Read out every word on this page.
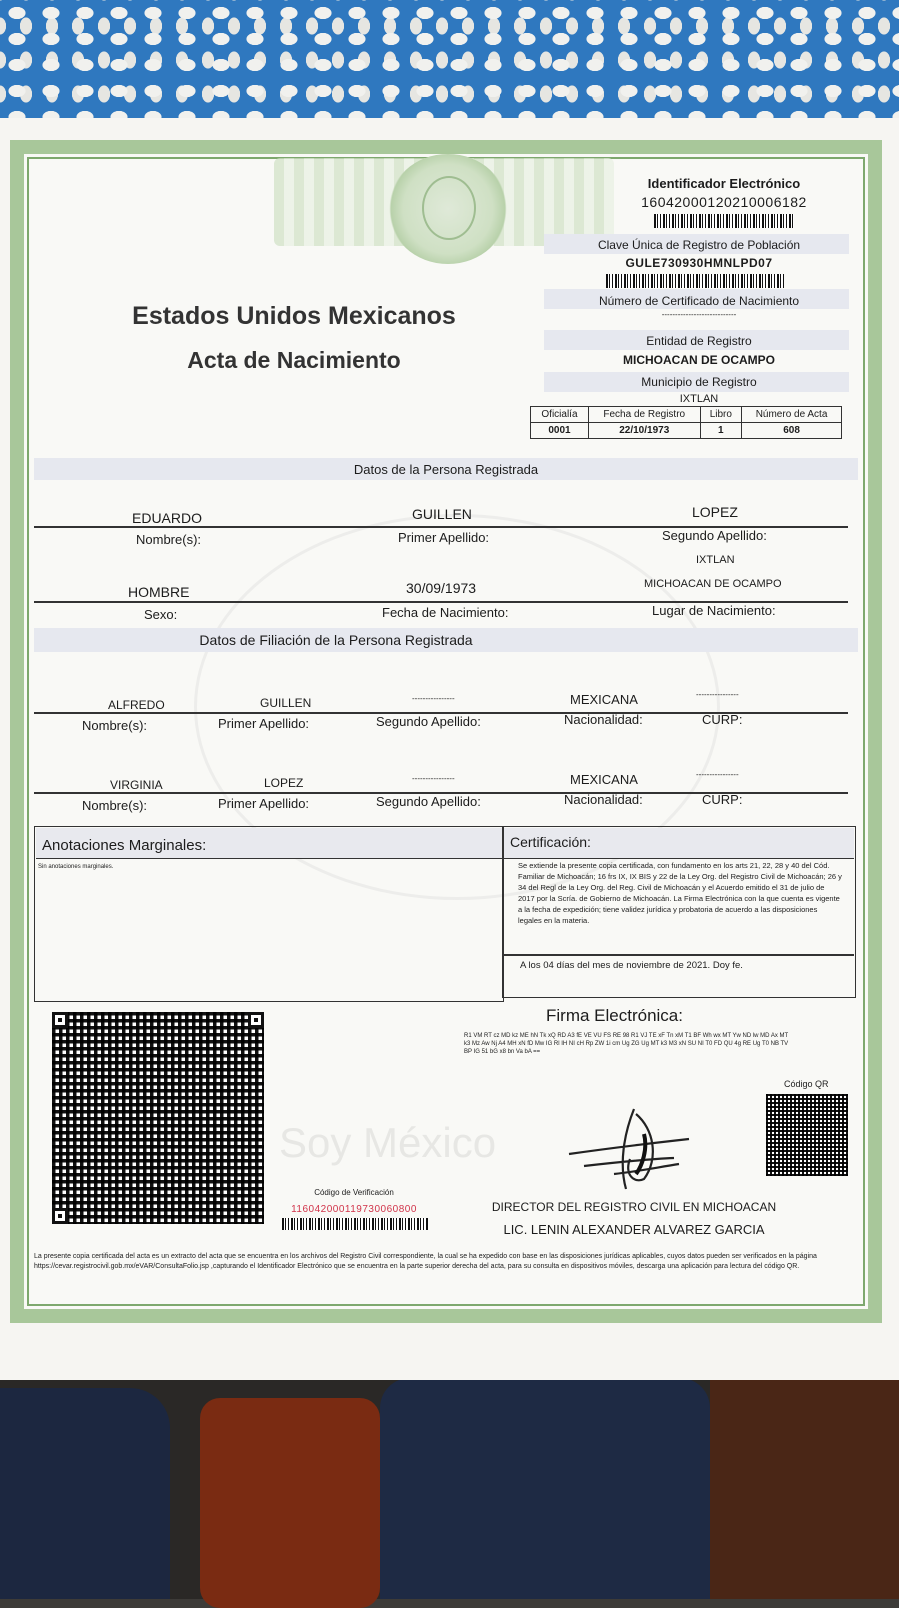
Identificador Electrónico
16042000120210006182
Clave Única de Registro de Población
GULE730930HMNLPD07
Número de Certificado de Nacimiento
----------------------------
Estados Unidos Mexicanos
Acta de Nacimiento
Entidad de Registro
MICHOACAN DE OCAMPO
Municipio de Registro
IXTLAN
Oficialía	Fecha de Registro	Libro	Número de Acta
0001	22/10/1973	1	608
Soy México
Datos de la Persona Registrada
EDUARDO	GUILLEN	LOPEZ
Nombre(s):	Primer Apellido:	Segundo Apellido:
IXTLAN
HOMBRE	30/09/1973	MICHOACAN DE OCAMPO
Sexo:	Fecha de Nacimiento:	Lugar de Nacimiento:
Datos de Filiación de la Persona Registrada
ALFREDO	GUILLEN	----------------	MEXICANA	----------------
Nombre(s):	Primer Apellido:	Segundo Apellido:	Nacionalidad:	CURP:
VIRGINIA	LOPEZ	----------------	MEXICANA	----------------
Nombre(s):	Primer Apellido:	Segundo Apellido:	Nacionalidad:	CURP:
Anotaciones Marginales:
Sin anotaciones marginales.
Certificación:
Se extiende la presente copia certificada, con fundamento en los arts 21, 22, 28 y 40 del Cód. Familiar de Michoacán; 16 frs IX, IX BIS y 22 de la Ley Org. del Registro Civil de Michoacán; 26 y 34 del Regl de la Ley Org. del Reg. Civil de Michoacán y el Acuerdo emitido el 31 de julio de 2017 por la Scría. de Gobierno de Michoacán. La Firma Electrónica con la que cuenta es vigente a la fecha de expedición; tiene validez jurídica y probatoria de acuerdo a las disposiciones legales en la materia.
A los 04 días del mes de noviembre de 2021. Doy fe.
Código de Verificación
116042000119730060800
Firma Electrónica:
R1 VM RT cz MD kz ME hN Tk xQ RD A3 fE VE VU FS RE 98 R1 VJ TE xF Tn xM T1 BF Wh wx MT Yw ND lw MD Ax MT k3 Mz Aw Nj A4 MH xN fD Mw IG Rl IH NI cH Rp ZW 1i cm Ug ZG Ug MT k3 M3 xN SU NI T0 FD QU 4g RE Ug T0 NB TV BP IG 51 bG x8 bn Va bA ==
Código QR
DIRECTOR DEL REGISTRO CIVIL EN MICHOACAN
LIC. LENIN ALEXANDER ALVAREZ GARCIA
La presente copia certificada del acta es un extracto del acta que se encuentra en los archivos del Registro Civil correspondiente, la cual se ha expedido con base en las disposiciones jurídicas aplicables, cuyos datos pueden ser verificados en la página https://cevar.registrocivil.gob.mx/eVAR/ConsultaFolio.jsp ,capturando el Identificador Electrónico que se encuentra en la parte superior derecha del acta, para su consulta en dispositivos móviles, descarga una aplicación para lectura del código QR.
